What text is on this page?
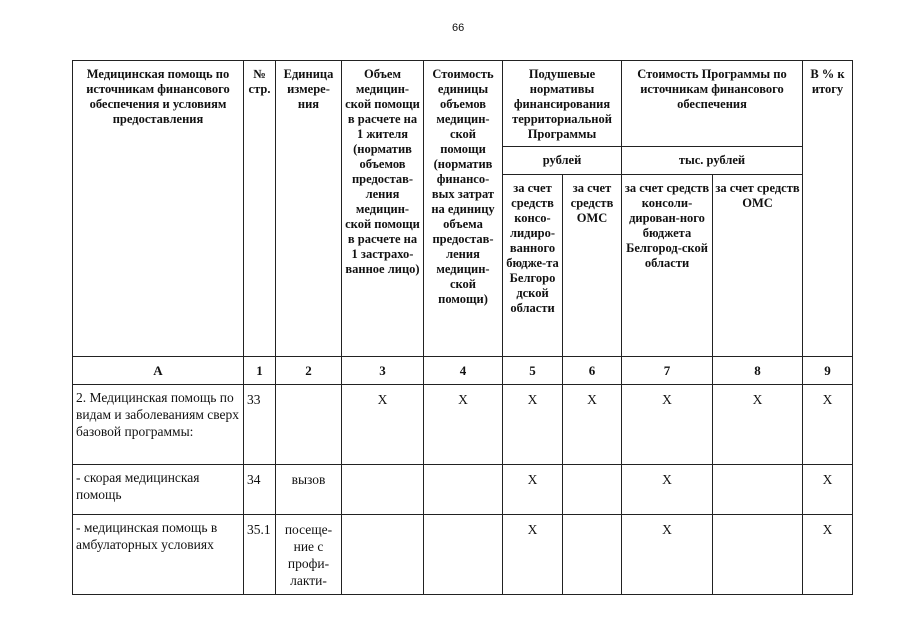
66
Медицинская помощь по источникам финансового обеспечения и условиям предоставления	№ стр.	Единица измере-ния	Объем медицин-ской помощи в расчете на 1 жителя (норматив объемов предостав-ления медицин-ской помощи в расчете на 1 застрахо-ванное лицо)	Стоимость единицы объемов медицин-ской помощи (норматив финансо-вых затрат на единицу объема предостав-ления медицин-ской помощи)	Подушевые нормативы финансирования территориальной Программы		Стоимость Программы по источникам финансового обеспечения		В % к итогу
					рублей		тыс. рублей		
					за счет средств консо-лидиро-ванного бюдже-та Белгоро дской области	за счет средств ОМС	за счет средств консоли-дирован-ного бюджета Белгород-ской области	за счет средств ОМС	
А	1	2	3	4	5	6	7	8	9
2. Медицинская помощь по видам и заболеваниям сверх базовой программы:	33		X	X	X	X	X	X	X
- скорая медицинская помощь	34	вызов			X		X		X
- медицинская помощь в амбулаторных условиях	35.1	посеще-ние с профи-лакти-			X		X		X
